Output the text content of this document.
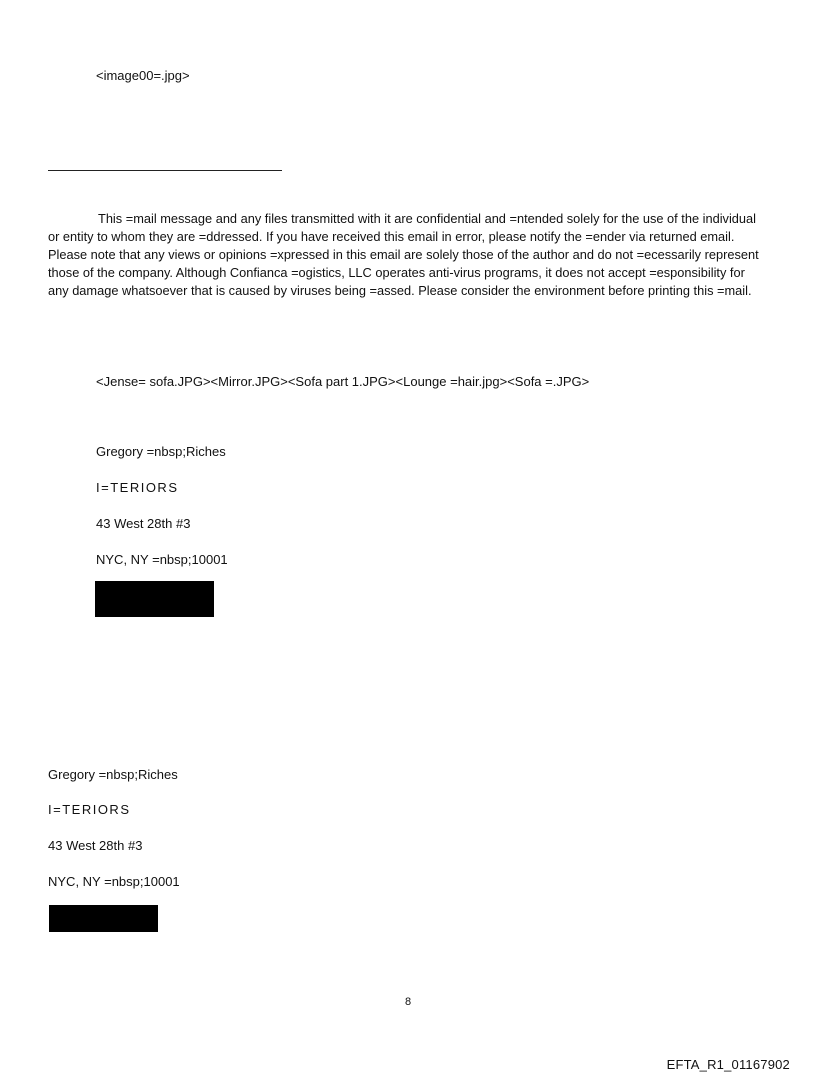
<image00=.jpg>
This =mail message and any files transmitted with it are confidential and =ntended solely for the use of the individual or entity to whom they are =ddressed. If you have received this email in error, please notify the =ender via returned email. Please note that any views or opinions =xpressed in this email are solely those of the author and do not =ecessarily represent those of the company. Although Confianca =ogistics, LLC operates anti-virus programs, it does not accept =esponsibility for any damage whatsoever that is caused by viruses being =assed. Please consider the environment before printing this =mail.
<Jense= sofa.JPG><Mirror.JPG><Sofa part 1.JPG><Lounge =hair.jpg><Sofa =.JPG>
Gregory =nbsp;Riches
I=TERIORS
43 West 28th #3
NYC, NY =nbsp;10001
Gregory =nbsp;Riches
I=TERIORS
43 West 28th #3
NYC, NY =nbsp;10001
8
EFTA_R1_01167902
